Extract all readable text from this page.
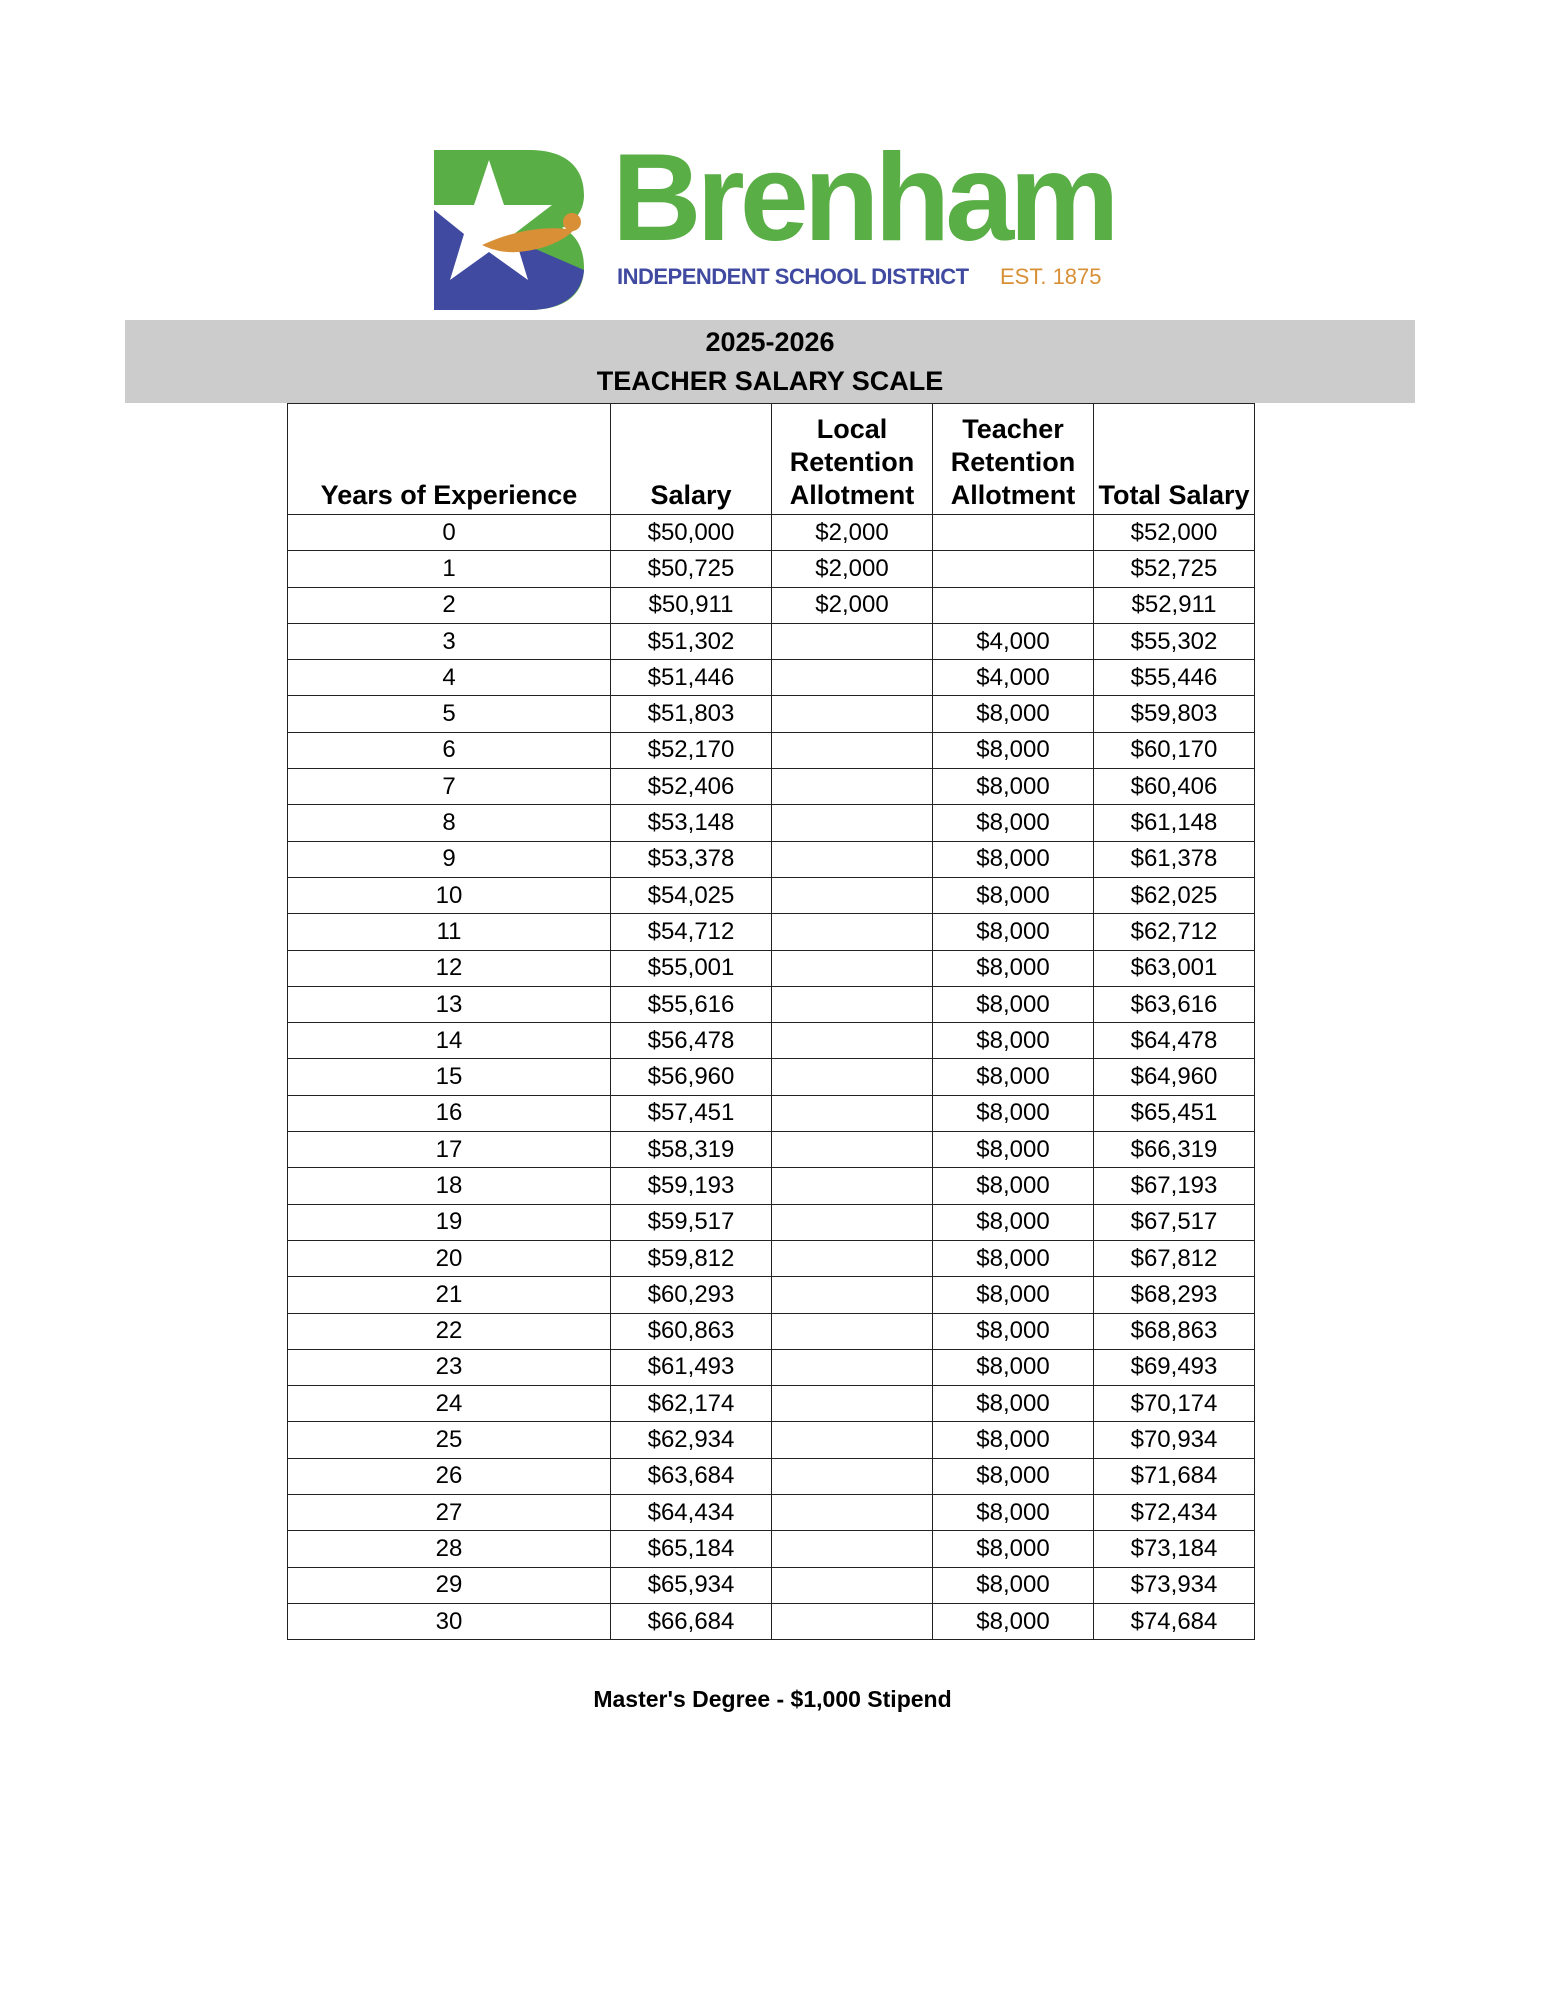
Brenham
INDEPENDENT SCHOOL DISTRICT EST. 1875
2025-2026
TEACHER SALARY SCALE
Years of Experience	Salary	Local Retention Allotment	Teacher Retention Allotment	Total Salary
0	$50,000	$2,000		$52,000
1	$50,725	$2,000		$52,725
2	$50,911	$2,000		$52,911
3	$51,302		$4,000	$55,302
4	$51,446		$4,000	$55,446
5	$51,803		$8,000	$59,803
6	$52,170		$8,000	$60,170
7	$52,406		$8,000	$60,406
8	$53,148		$8,000	$61,148
9	$53,378		$8,000	$61,378
10	$54,025		$8,000	$62,025
11	$54,712		$8,000	$62,712
12	$55,001		$8,000	$63,001
13	$55,616		$8,000	$63,616
14	$56,478		$8,000	$64,478
15	$56,960		$8,000	$64,960
16	$57,451		$8,000	$65,451
17	$58,319		$8,000	$66,319
18	$59,193		$8,000	$67,193
19	$59,517		$8,000	$67,517
20	$59,812		$8,000	$67,812
21	$60,293		$8,000	$68,293
22	$60,863		$8,000	$68,863
23	$61,493		$8,000	$69,493
24	$62,174		$8,000	$70,174
25	$62,934		$8,000	$70,934
26	$63,684		$8,000	$71,684
27	$64,434		$8,000	$72,434
28	$65,184		$8,000	$73,184
29	$65,934		$8,000	$73,934
30	$66,684		$8,000	$74,684
Master's Degree - $1,000 Stipend
